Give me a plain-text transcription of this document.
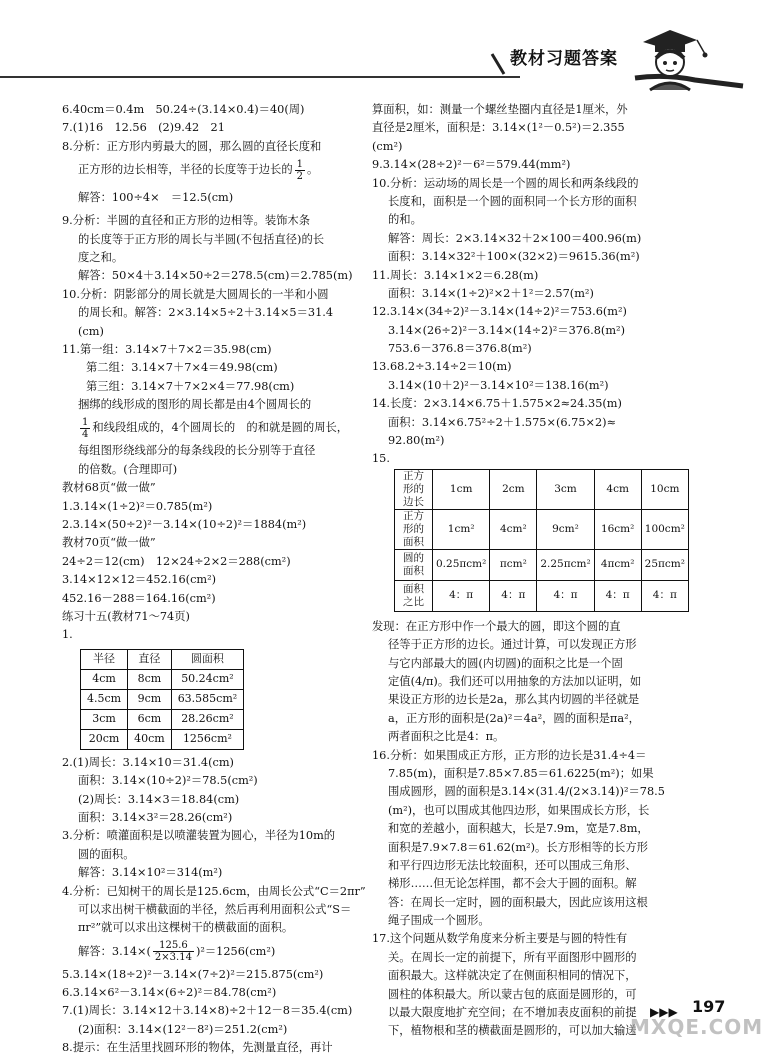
教材习题答案
6.40cm＝0.4m　50.24÷(3.14×0.4)＝40(周)
7.(1)16　12.56　(2)9.42　21
8.分析：正方形内剪最大的圆，那么圆的直径长度和
正方形的边长相等，半径的长度等于边长的 $\frac{1}{2}$ 。
解答：100÷4×　＝12.5(cm)
9.分析：半圆的直径和正方形的边相等。装饰木条
的长度等于正方形的周长与半圆(不包括直径)的长
度之和。
解答：50×4＋3.14×50÷2＝278.5(cm)＝2.785(m)
10.分析：阴影部分的周长就是大圆周长的一半和小圆
的周长和。解答：2×3.14×5÷2＋3.14×5＝31.4
(cm)
11.第一组：3.14×7＋7×2＝35.98(cm)
第二组：3.14×7＋7×4＝49.98(cm)
第三组：3.14×7＋7×2×4＝77.98(cm)
捆绑的线形成的图形的周长都是由4个圆周长的
$\frac{1}{4}$ 和线段组成的，4个圆周长的　的和就是圆的周长，
每组图形绕线部分的每条线段的长分别等于直径
的倍数。(合理即可)
教材68页“做一做”
1.3.14×(1÷2)²＝0.785(m²)
2.3.14×(50÷2)²－3.14×(10÷2)²＝1884(m²)
教材70页“做一做”
24÷2＝12(cm)　12×24÷2×2＝288(cm²)
3.14×12×12＝452.16(cm²)
452.16－288＝164.16(cm²)
练习十五(教材71～74页)
1.
半径	直径	圆面积
4cm	8cm	50.24cm²
4.5cm	9cm	63.585cm²
3cm	6cm	28.26cm²
20cm	40cm	1256cm²
2.(1)周长：3.14×10＝31.4(cm)
面积：3.14×(10÷2)²＝78.5(cm²)
(2)周长：3.14×3＝18.84(cm)
面积：3.14×3²＝28.26(cm²)
3.分析：喷灌面积是以喷灌装置为圆心，半径为10m的
圆的面积。
解答：3.14×10²＝314(m²)
4.分析：已知树干的周长是125.6cm，由周长公式“C＝2πr”
可以求出树干横截面的半径，然后再利用面积公式“S＝
πr²”就可以求出这棵树干的横截面的面积。
解答：$3.14\times( \frac{125.6}{2\times 3.14} )^2=1256(cm^2)$
5.3.14×(18÷2)²－3.14×(7÷2)²＝215.875(cm²)
6.3.14×6²－3.14×(6÷2)²＝84.78(cm²)
7.(1)周长：3.14×12＋3.14×8)÷2＋12－8＝35.4(cm)
(2)面积：3.14×(12²－8²)＝251.2(cm²)
8.提示：在生活里找圆环形的物体，先测量直径，再计
算面积，如：测量一个螺丝垫圈内直径是1厘米，外
直径是2厘米，面积是：3.14×(1²－0.5²)＝2.355
(cm²)
9.3.14×(28÷2)²－6²＝579.44(mm²)
10.分析：运动场的周长是一个圆的周长和两条线段的
长度和，面积是一个圆的面积同一个长方形的面积
的和。
解答：周长：2×3.14×32＋2×100＝400.96(m)
面积：3.14×32²＋100×(32×2)＝9615.36(m²)
11.周长：3.14×1×2＝6.28(m)
面积：3.14×(1÷2)²×2＋1²＝2.57(m²)
12.3.14×(34÷2)²－3.14×(14÷2)²＝753.6(m²)
3.14×(26÷2)²－3.14×(14÷2)²＝376.8(m²)
753.6－376.8＝376.8(m²)
13.68.2÷3.14÷2＝10(m)
3.14×(10＋2)²－3.14×10²＝138.16(m²)
14.长度：2×3.14×6.75＋1.575×2≈24.35(m)
面积：3.14×6.75²÷2＋1.575×(6.75×2)≈
92.80(m²)
15.
正方形的边长	1cm	2cm	3cm	4cm	10cm
正方形的面积	1cm²	4cm²	9cm²	16cm²	100cm²
圆的面积	0.25πcm²	πcm²	2.25πcm²	4πcm²	25πcm²
面积之比	4：π	4：π	4：π	4：π	4：π
发现：在正方形中作一个最大的圆，即这个圆的直
径等于正方形的边长。通过计算，可以发现正方形
与它内部最大的圆(内切圆)的面积之比是一个固
定值(4/π)。我们还可以用抽象的方法加以证明，如
果设正方形的边长是2a，那么其内切圆的半径就是
a，正方形的面积是(2a)²＝4a²，圆的面积是πa²，
两者面积之比是4：π。
16.分析：如果围成正方形，正方形的边长是31.4÷4＝
7.85(m)，面积是7.85×7.85＝61.6225(m²)；如果
围成圆形，圆的面积是3.14×(31.4/(2×3.14))²＝78.5
(m²)，也可以围成其他四边形，如果围成长方形，长
和宽的差越小，面积越大，长是7.9m，宽是7.8m，
面积是7.9×7.8＝61.62(m²)。长方形相等的长方形
和平行四边形无法比较面积，还可以围成三角形、
梯形……但无论怎样围，都不会大于圆的面积。解
答：在周长一定时，圆的面积最大，因此应该用这根
绳子围成一个圆形。
17.这个问题从数学角度来分析主要是与圆的特性有
关。在周长一定的前提下，所有平面图形中圆形的
面积最大。这样就决定了在侧面积相同的情况下，
圆柱的体积最大。所以蒙古包的底面是圆形的，可
以最大限度地扩充空间；在不增加表皮面积的前提
下，植物根和茎的横截面是圆形的，可以加大输送
▶▶▶ 197
MXQE.COM
